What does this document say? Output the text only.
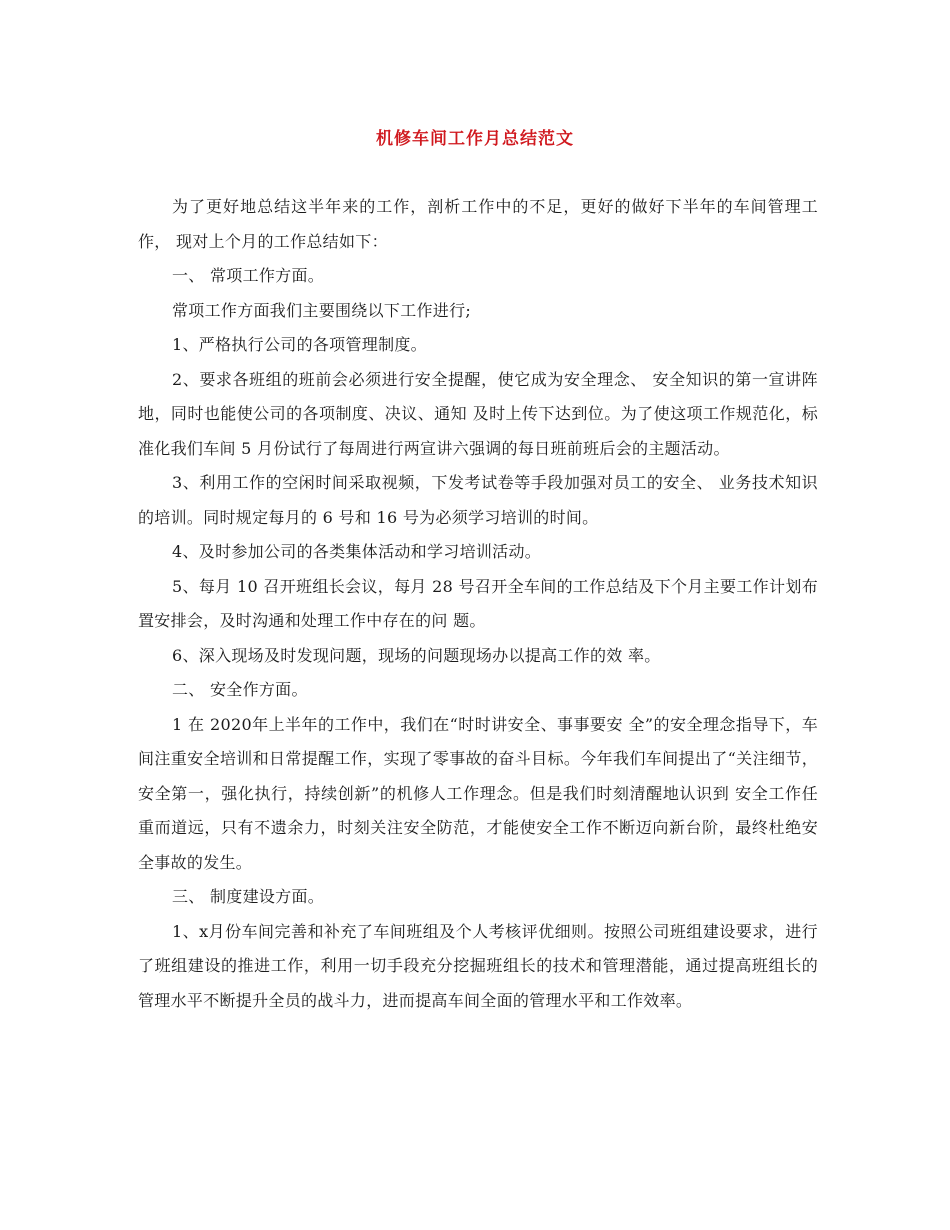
机修车间工作月总结范文

为了更好地总结这半年来的工作，剖析工作中的不足，更好的做好下半年的车间管理工作， 现对上个月的工作总结如下：

一、 常项工作方面。

常项工作方面我们主要围绕以下工作进行;

1、严格执行公司的各项管理制度。

2、要求各班组的班前会必须进行安全提醒，使它成为安全理念、 安全知识的第一宣讲阵地，同时也能使公司的各项制度、决议、通知 及时上传下达到位。为了使这项工作规范化，标准化我们车间 5 月份试行了每周进行两宣讲六强调的每日班前班后会的主题活动。

3、利用工作的空闲时间采取视频，下发考试卷等手段加强对员工的安全、 业务技术知识的培训。同时规定每月的 6 号和 16 号为必须学习培训的时间。

4、及时参加公司的各类集体活动和学习培训活动。

5、每月 10 召开班组长会议，每月 28 号召开全车间的工作总结及下个月主要工作计划布置安排会，及时沟通和处理工作中存在的问 题。

6、深入现场及时发现问题，现场的问题现场办以提高工作的效 率。

二、 安全作方面。

1 在 2020年上半年的工作中，我们在“时时讲安全、事事要安 全”的安全理念指导下，车间注重安全培训和日常提醒工作，实现了零事故的奋斗目标。今年我们车间提出了“关注细节，安全第一，强化执行，持续创新”的机修人工作理念。但是我们时刻清醒地认识到 安全工作任重而道远，只有不遗余力，时刻关注安全防范，才能使安全工作不断迈向新台阶，最终杜绝安全事故的发生。

三、 制度建设方面。

1、x月份车间完善和补充了车间班组及个人考核评优细则。按照公司班组建设要求，进行了班组建设的推进工作，利用一切手段充分挖掘班组长的技术和管理潜能，通过提高班组长的管理水平不断提升全员的战斗力，进而提高车间全面的管理水平和工作效率。
